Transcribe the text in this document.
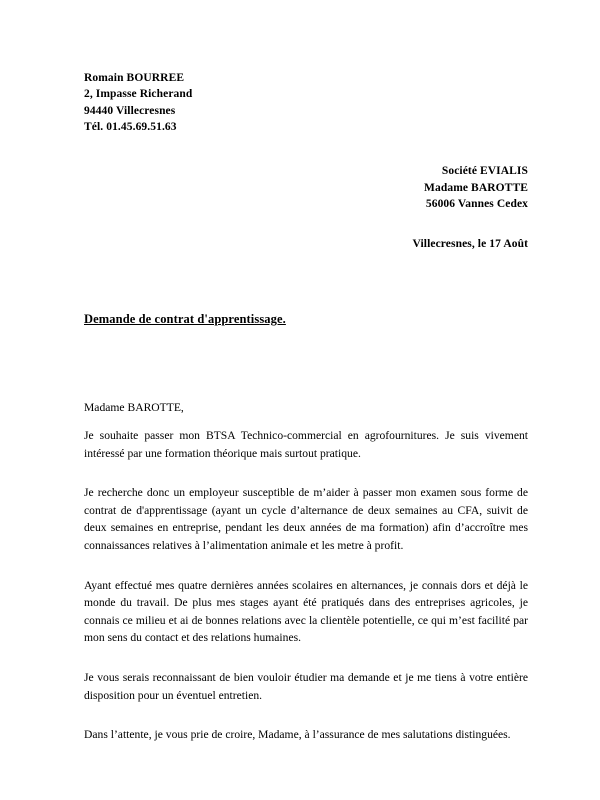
Romain BOURREE
2, Impasse Richerand
94440 Villecresnes
Tél. 01.45.69.51.63
Société EVIALIS
Madame BAROTTE
56006 Vannes Cedex
Villecresnes, le 17 Août
Demande de contrat d'apprentissage.
Madame BAROTTE,

Je souhaite passer mon BTSA Technico-commercial en agrofournitures. Je suis vivement intéressé par une formation théorique mais surtout pratique.

Je recherche donc un employeur susceptible de m’aider à passer mon examen sous forme de contrat de d'apprentissage (ayant un cycle d’alternance de deux semaines au CFA, suivit de deux semaines en entreprise, pendant les deux années de ma formation) afin d’accroître mes connaissances relatives à l’alimentation animale et les metre à profit.

Ayant effectué mes quatre dernières années scolaires en alternances, je connais dors et déjà le monde du travail. De plus mes stages ayant été pratiqués dans des entreprises agricoles, je connais ce milieu et ai de bonnes relations avec la clientèle potentielle, ce qui m’est facilité par mon sens du contact et des relations humaines.

Je vous serais reconnaissant de bien vouloir étudier ma demande et je me tiens à votre entière disposition pour un éventuel entretien.

Dans l’attente, je vous prie de croire, Madame, à l’assurance de mes salutations distinguées.
